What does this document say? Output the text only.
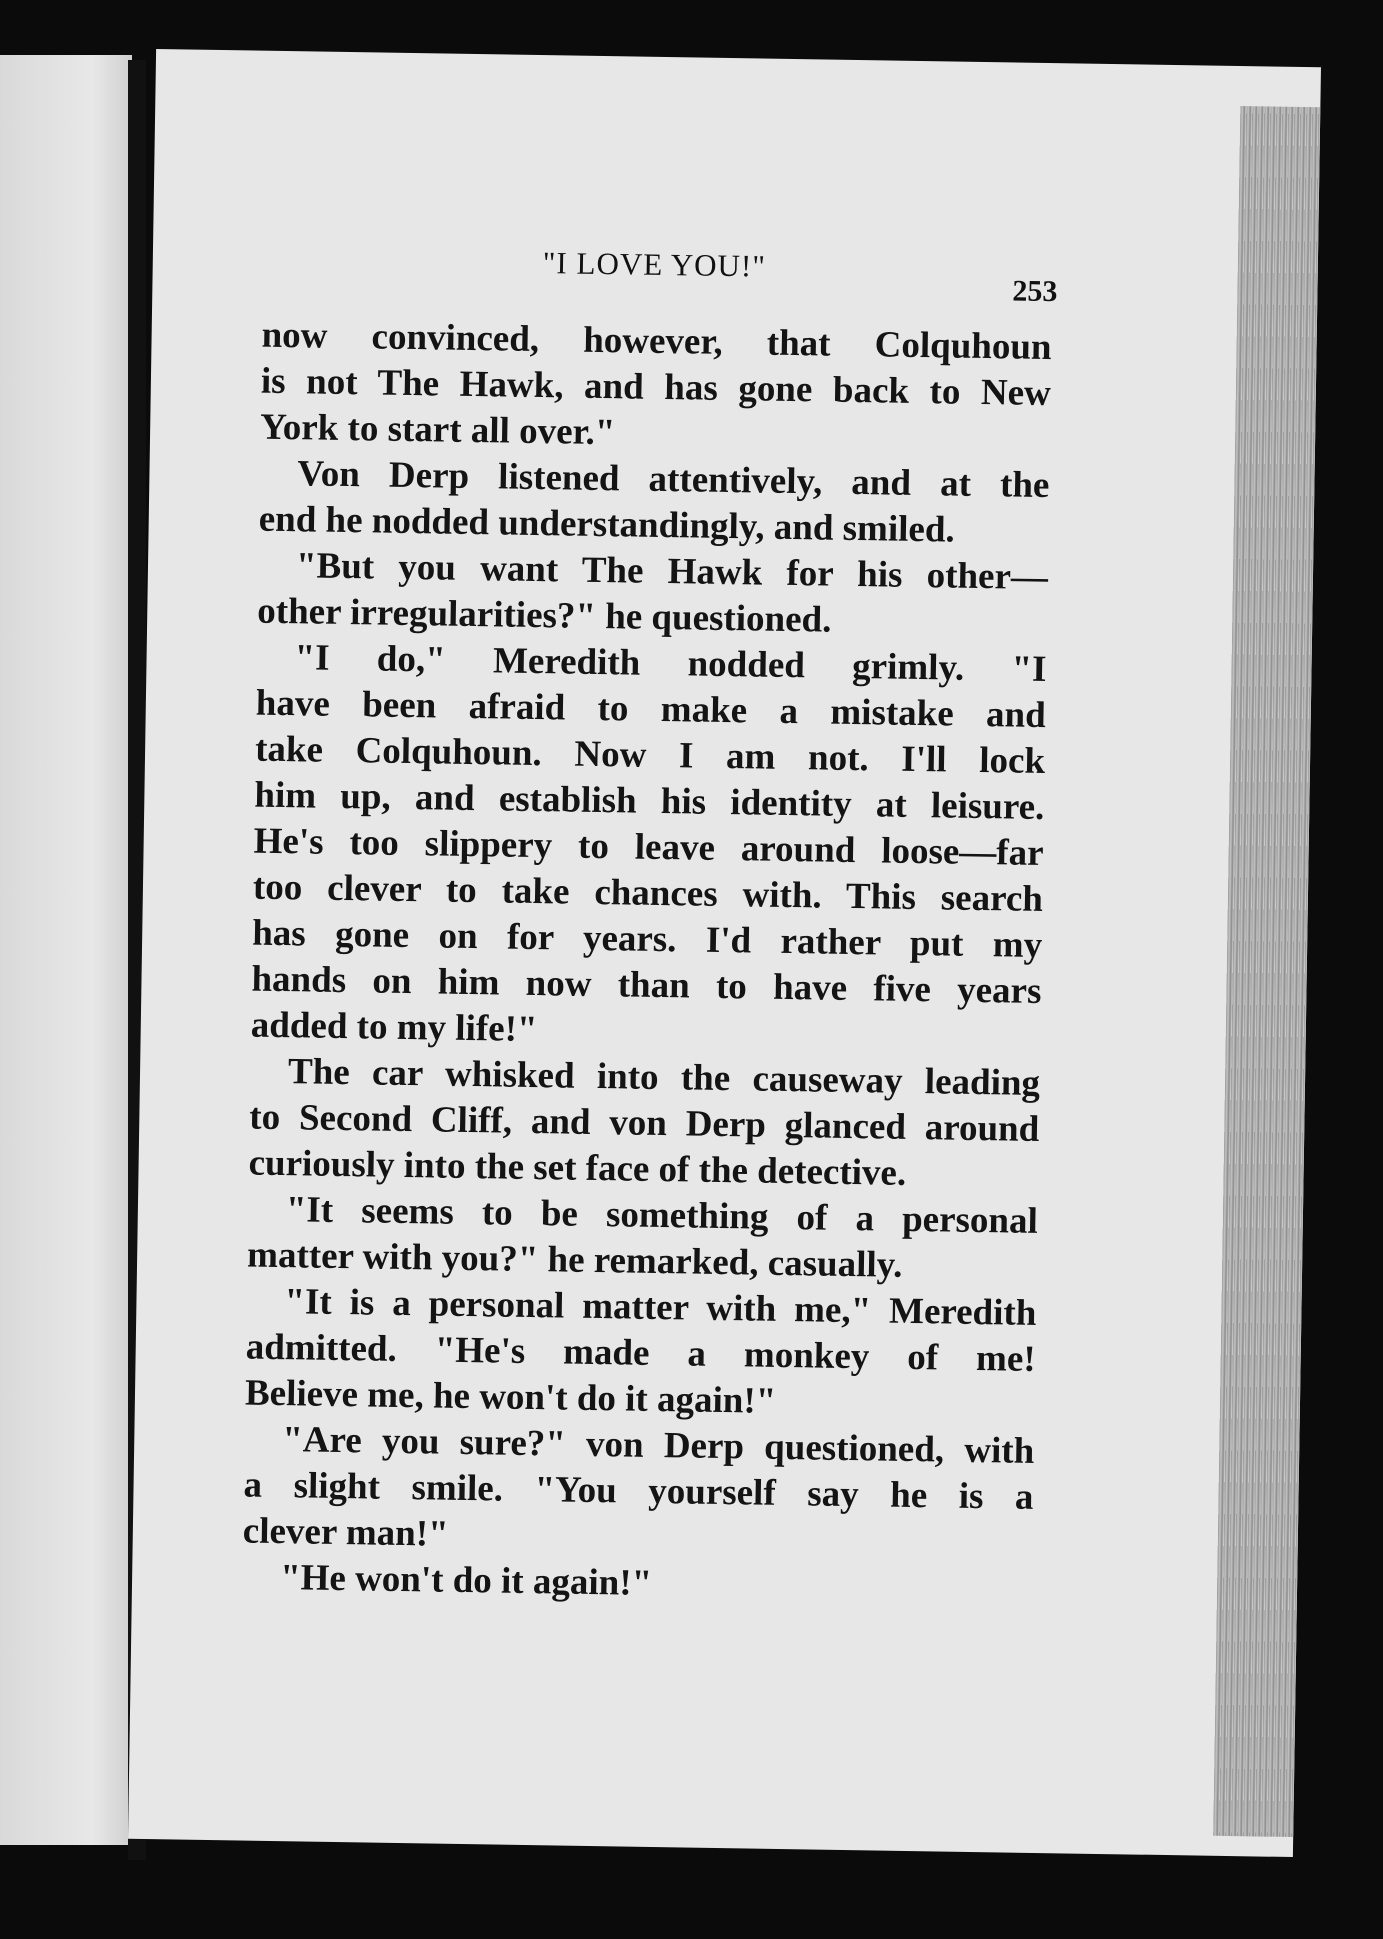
"I LOVE YOU!"
253
now convinced, however, that Colquhoun
is not The Hawk, and has gone back to New
York to start all over."
Von Derp listened attentively, and at the
end he nodded understandingly, and smiled.
"But you want The Hawk for his other—
other irregularities?" he questioned.
"I do," Meredith nodded grimly. "I
have been afraid to make a mistake and
take Colquhoun. Now I am not. I'll lock
him up, and establish his identity at leisure.
He's too slippery to leave around loose—far
too clever to take chances with. This search
has gone on for years. I'd rather put my
hands on him now than to have five years
added to my life!"
The car whisked into the causeway leading
to Second Cliff, and von Derp glanced around
curiously into the set face of the detective.
"It seems to be something of a personal
matter with you?" he remarked, casually.
"It is a personal matter with me," Meredith
admitted. "He's made a monkey of me!
Believe me, he won't do it again!"
"Are you sure?" von Derp questioned, with
a slight smile. "You yourself say he is a
clever man!"
"He won't do it again!"
